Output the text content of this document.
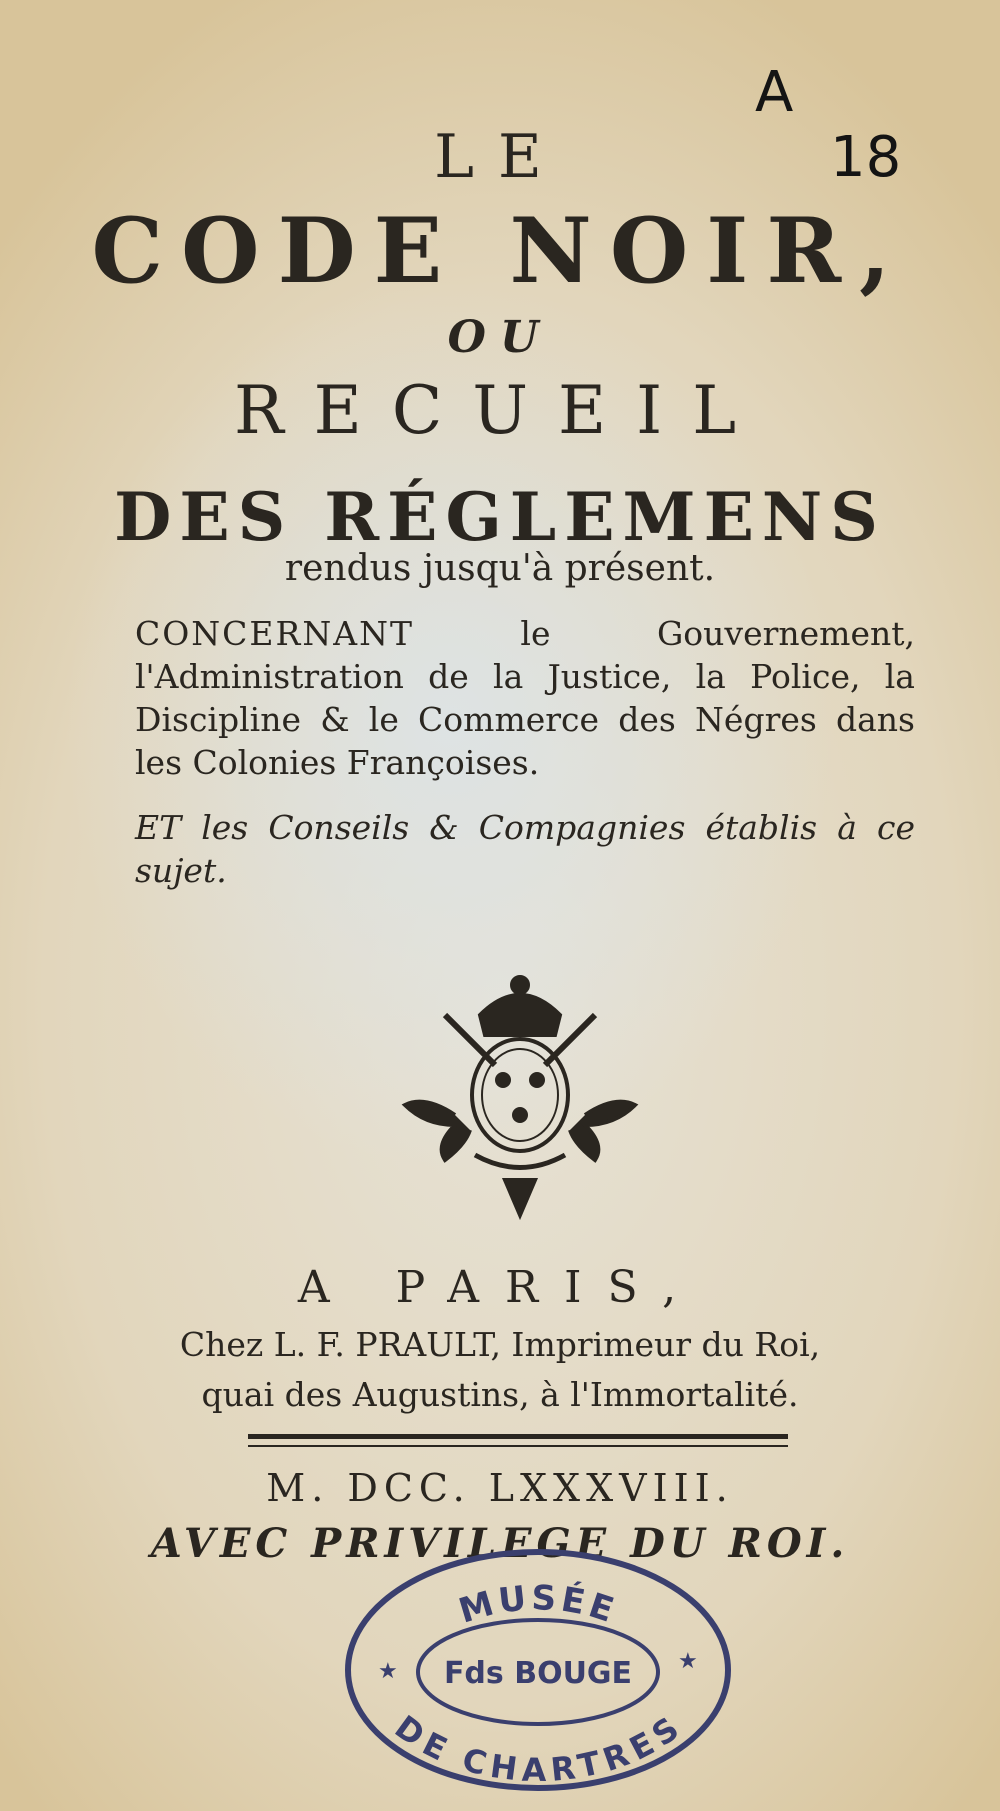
A
18

LE

CODE NOIR,

OU

RECUEIL

DES RÉGLEMENS

rendus jusqu'à présent.

CONCERNANT	le Gouvernement, l'Administration de la Justice, la Police, la Discipline & le Commerce des Négres dans les Colonies Françoises.

ET les Conseils & Compagnies établis à ce sujet.

A PARIS,

Chez L. F. PRAULT, Imprimeur du Roi,

quai des Augustins, à l'Immortalité.

M. DCC. LXXXVIII.

AVEC PRIVILEGE DU ROI.

MUSÉE
Fds BOUGE
DE CHARTRES
★	★
